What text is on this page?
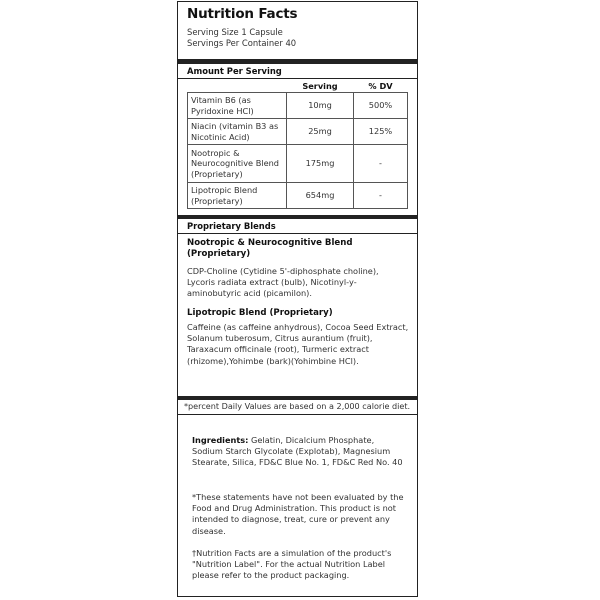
Nutrition Facts
Serving Size 1 Capsule
Servings Per Container 40
Amount Per Serving
	Serving	% DV
Vitamin B6 (as Pyridoxine HCl)	10mg	500%
Niacin (vitamin B3 as Nicotinic Acid)	25mg	125%
Nootropic & Neurocognitive Blend (Proprietary)	175mg	-
Lipotropic Blend (Proprietary)	654mg	-
Proprietary Blends
Nootropic & Neurocognitive Blend (Proprietary)
CDP-Choline (Cytidine 5'-diphosphate choline), Lycoris radiata extract (bulb), Nicotinyl-y-aminobutyric acid (picamilon).
Lipotropic Blend (Proprietary)
Caffeine (as caffeine anhydrous), Cocoa Seed Extract, Solanum tuberosum, Citrus aurantium (fruit), Taraxacum officinale (root), Turmeric extract (rhizome),Yohimbe (bark)(Yohimbine HCl).
*percent Daily Values are based on a 2,000 calorie diet.
Ingredients: Gelatin, Dicalcium Phosphate, Sodium Starch Glycolate (Explotab), Magnesium Stearate, Silica, FD&C Blue No. 1, FD&C Red No. 40
*These statements have not been evaluated by the Food and Drug Administration. This product is not intended to diagnose, treat, cure or prevent any disease.
†Nutrition Facts are a simulation of the product's "Nutrition Label". For the actual Nutrition Label please refer to the product packaging.
